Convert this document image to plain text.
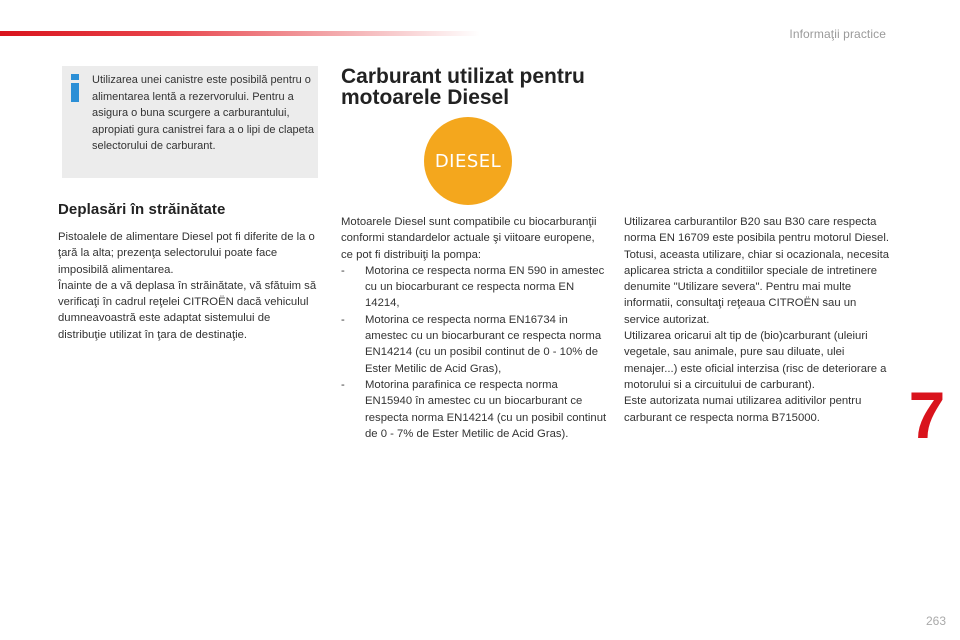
Informaţii practice
Utilizarea unei canistre este posibilă pentru o alimentarea lentă a rezervorului. Pentru a asigura o buna scurgere a carburantului, apropiati gura canistrei fara a o lipi de clapeta selectorului de carburant.
Deplasări în străinătate

Pistoalele de alimentare Diesel pot fi diferite de la o ţară la alta; prezenţa selectorului poate face imposibilă alimentarea.

Înainte de a vă deplasa în străinătate, vă sfătuim să verificaţi în cadrul reţelei CITROËN dacă vehiculul dumneavoastră este adaptat sistemului de distribuţie utilizat în ţara de destinaţie.

Carburant utilizat pentru
motoarele Diesel
DIESEL

Motoarele Diesel sunt compatibile cu biocarburanţii conformi standardelor actuale şi viitoare europene, ce pot fi distribuiţi la pompa:

- Motorina ce respecta norma EN 590 in amestec cu un biocarburant ce respecta norma EN 14214,
- Motorina ce respecta norma EN16734 in amestec cu un biocarburant ce respecta norma EN14214 (cu un posibil continut de 0 - 10% de Ester Metilic de Acid Gras),
- Motorina parafinica ce respecta norma EN15940 în amestec cu un biocarburant ce respecta norma EN14214 (cu un posibil continut de 0 - 7% de Ester Metilic de Acid Gras).

Utilizarea carburantilor B20 sau B30 care respecta norma EN 16709 este posibila pentru motorul Diesel. Totusi, aceasta utilizare, chiar si ocazionala, necesita aplicarea stricta a conditiilor speciale de intretinere denumite "Utilizare severa". Pentru mai multe informatii, consultaţi reţeaua CITROËN sau un service autorizat.

Utilizarea oricarui alt tip de (bio)carburant (uleiuri vegetale, sau animale, pure sau diluate, ulei menajer...) este oficial interzisa (risc de deteriorare a motorului si a circuitului de carburant).

Este autorizata numai utilizarea aditivilor pentru carburant ce respecta norma B715000.	7
263
